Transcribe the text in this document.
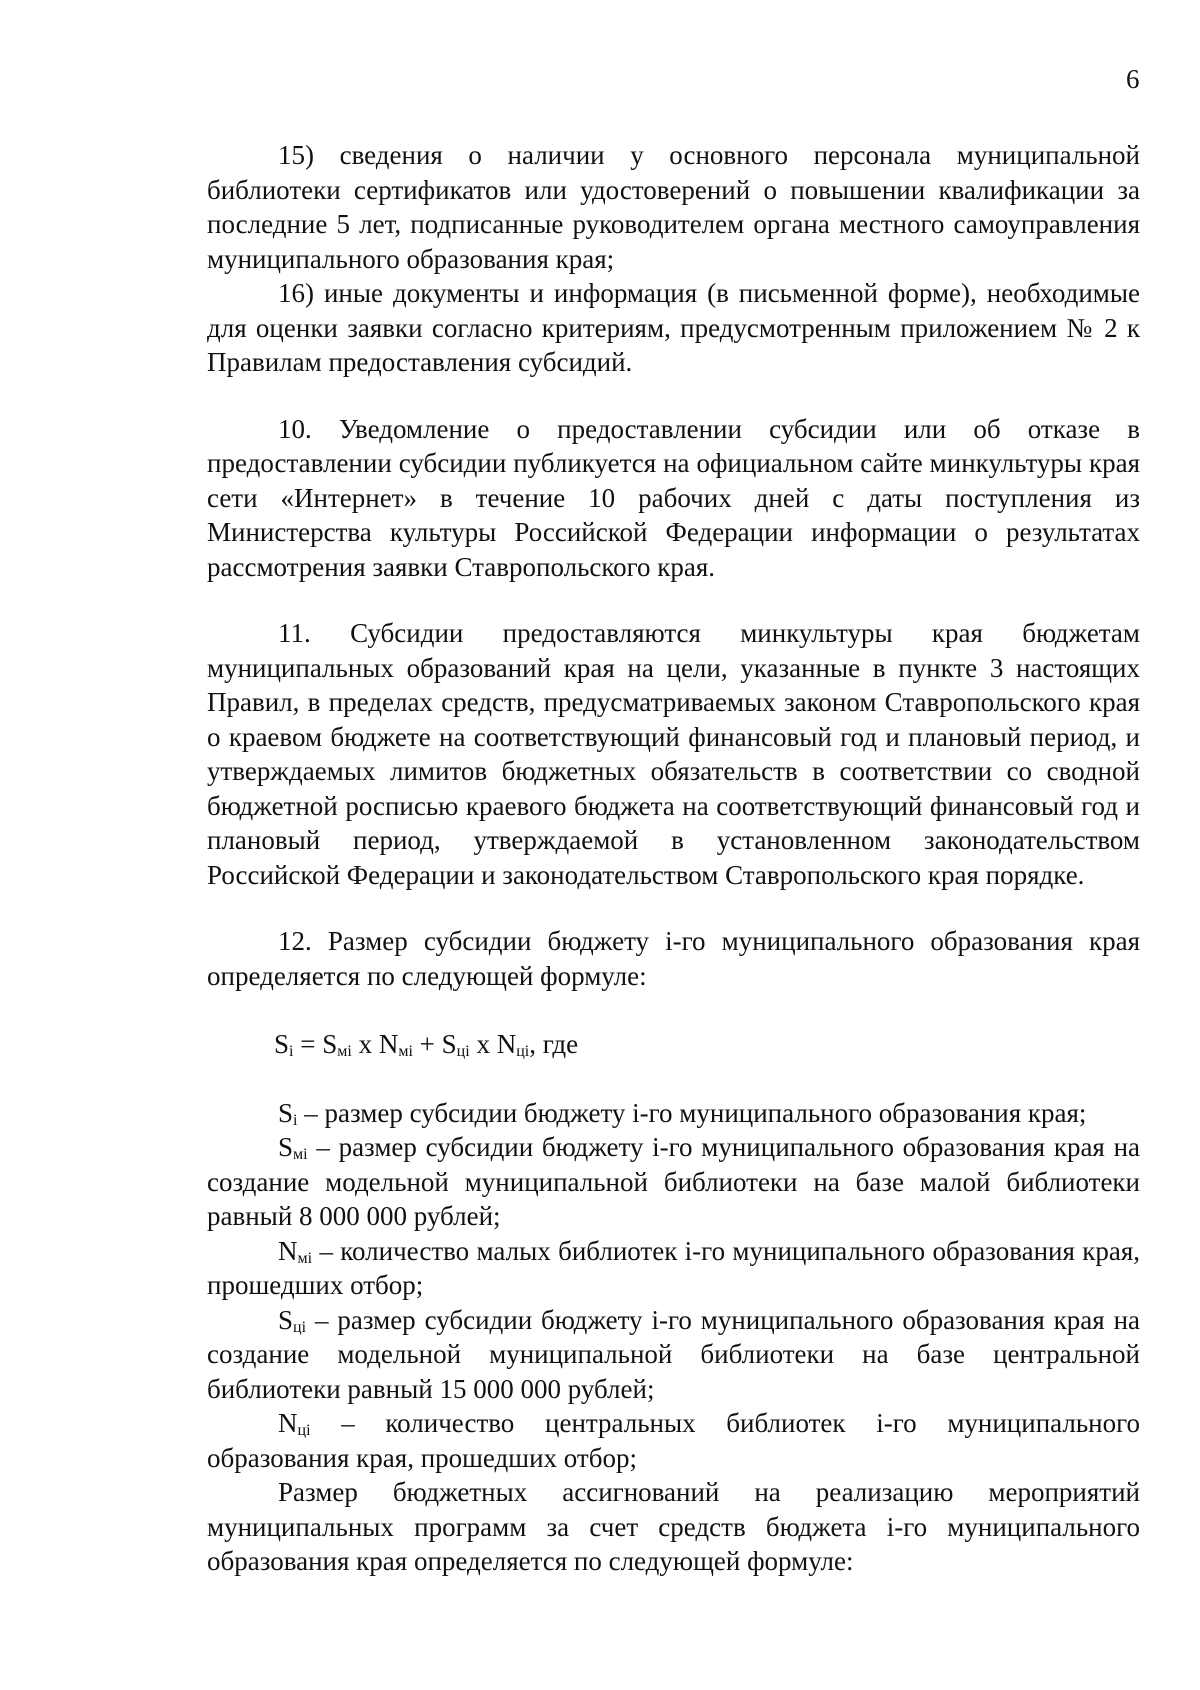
6

15) сведения о наличии у основного персонала муниципальной библиотеки сертификатов или удостоверений о повышении квалификации за последние 5 лет, подписанные руководителем органа местного самоуправления муниципального образования края;

16) иные документы и информация (в письменной форме), необходимые для оценки заявки согласно критериям, предусмотренным приложением № 2 к Правилам предоставления субсидий.

10. Уведомление о предоставлении субсидии или об отказе в предоставлении субсидии публикуется на официальном сайте минкультуры края сети «Интернет» в течение 10 рабочих дней с даты поступления из Министерства культуры Российской Федерации информации о результатах рассмотрения заявки Ставропольского края.

11. Субсидии предоставляются минкультуры края бюджетам муниципальных образований края на цели, указанные в пункте 3 настоящих Правил, в пределах средств, предусматриваемых законом Ставропольского края о краевом бюджете на соответствующий финансовый год и плановый период, и утверждаемых лимитов бюджетных обязательств в соответствии со сводной бюджетной росписью краевого бюджета на соответствующий финансовый год и плановый период, утверждаемой в установленном законодательством Российской Федерации и законодательством Ставропольского края порядке.

12. Размер субсидии бюджету i-го муниципального образования края определяется по следующей формуле:

$S_i = S_{мi}$ х $N_{мi} + S_{цi}$ х $N_{цi}$, где

$S_i$ – размер субсидии бюджету i-го муниципального образования края;

$S_{мi}$ – размер субсидии бюджету i-го муниципального образования края на создание модельной муниципальной библиотеки на базе малой библиотеки равный 8 000 000 рублей;

$N_{мi}$ – количество малых библиотек i-го муниципального образования края, прошедших отбор;

$S_{цi}$ – размер субсидии бюджету i-го муниципального образования края на создание модельной муниципальной библиотеки на базе центральной библиотеки равный 15 000 000 рублей;

$N_{цi}$ – количество центральных библиотек i-го муниципального образования края, прошедших отбор;

Размер бюджетных ассигнований на реализацию мероприятий муниципальных программ за счет средств бюджета i-го муниципального образования края определяется по следующей формуле:
